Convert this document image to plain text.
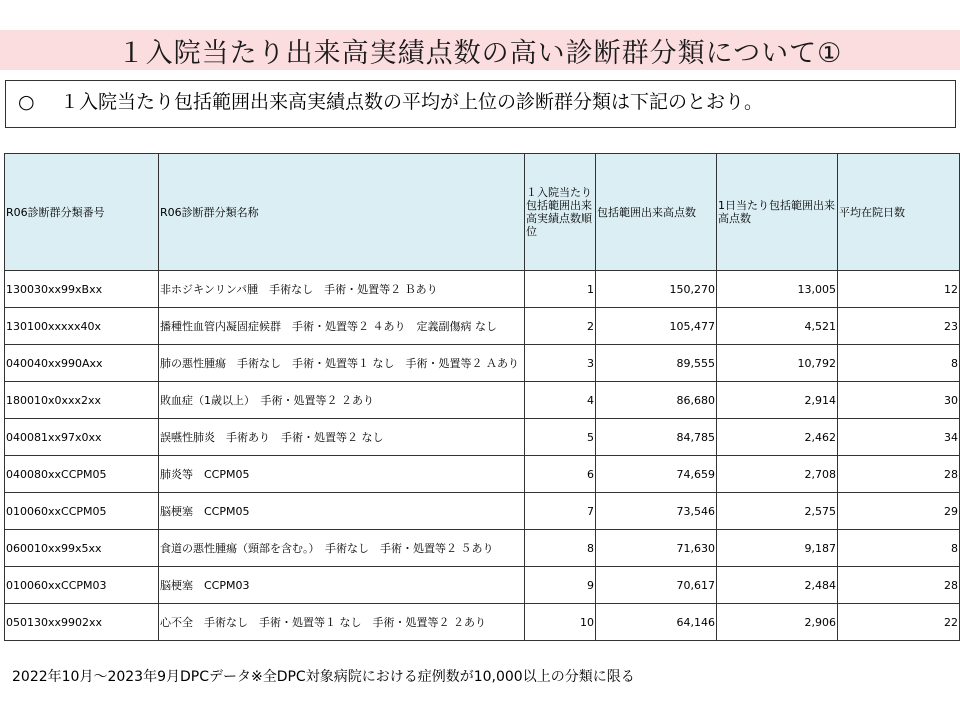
１入院当たり出来高実績点数の高い診断群分類について①
○ １入院当たり包括範囲出来高実績点数の平均が上位の診断群分類は下記のとおり。
R06診断群分類番号	R06診断群分類名称	１入院当たり包括範囲出来高実績点数順位	包括範囲出来高点数	1日当たり包括範囲出来高点数	平均在院日数
130030xx99xBxx	非ホジキンリンパ腫　手術なし　手術・処置等２ Ｂあり	1	150,270	13,005	12
130100xxxxx40x	播種性血管内凝固症候群　手術・処置等２ ４あり　定義副傷病 なし	2	105,477	4,521	23
040040xx990Axx	肺の悪性腫瘍　手術なし　手術・処置等１ なし　手術・処置等２ Ａあり	3	89,555	10,792	8
180010x0xxx2xx	敗血症（1歳以上）　手術・処置等２ ２あり	4	86,680	2,914	30
040081xx97x0xx	誤嚥性肺炎　手術あり　手術・処置等２ なし	5	84,785	2,462	34
040080xxCCPM05	肺炎等　CCPM05	6	74,659	2,708	28
010060xxCCPM05	脳梗塞　CCPM05	7	73,546	2,575	29
060010xx99x5xx	食道の悪性腫瘍（頸部を含む。）　手術なし　手術・処置等２ ５あり	8	71,630	9,187	8
010060xxCCPM03	脳梗塞　CCPM03	9	70,617	2,484	28
050130xx9902xx	心不全　手術なし　手術・処置等１ なし　手術・処置等２ ２あり	10	64,146	2,906	22
2022年10月～2023年9月DPCデータ※全DPC対象病院における症例数が10,000以上の分類に限る
